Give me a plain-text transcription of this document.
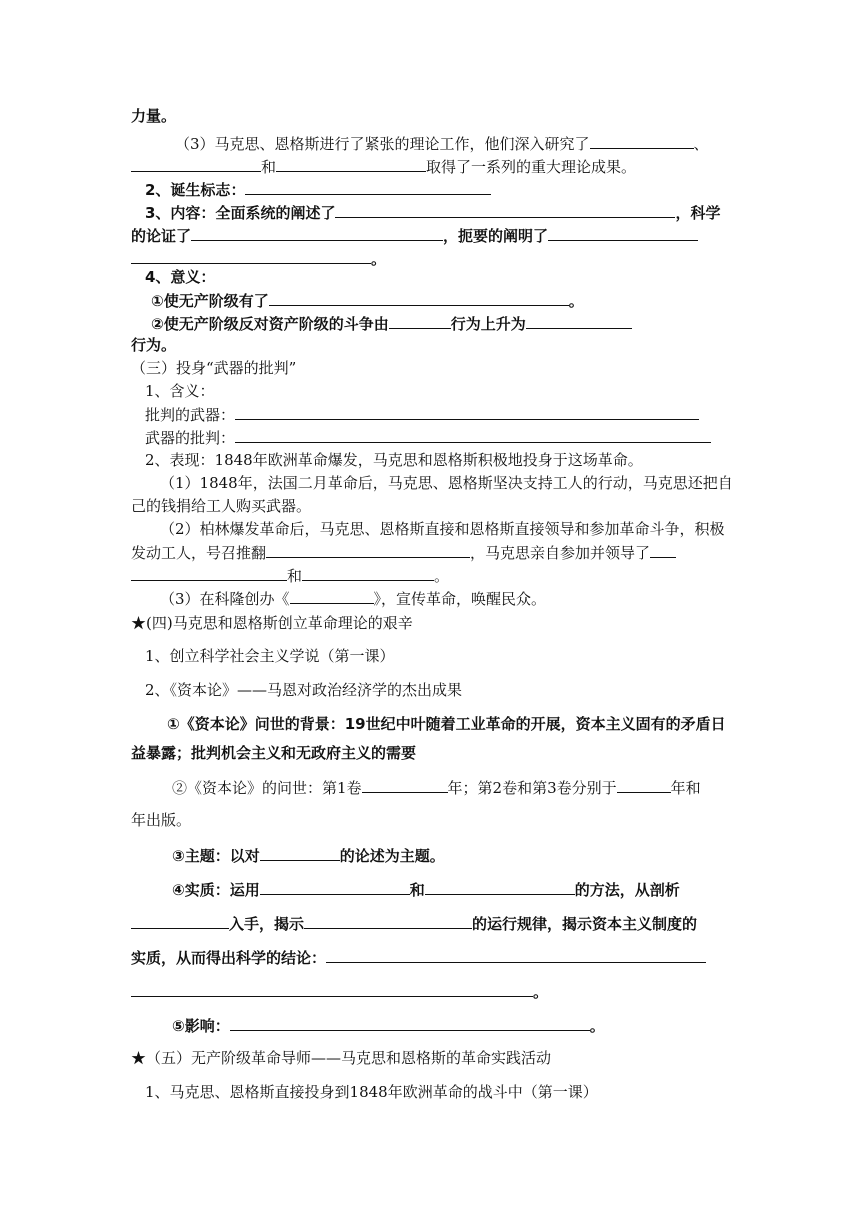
力量。
（3）马克思、恩格斯进行了紧张的理论工作，他们深入研究了	、
和	取得了一系列的重大理论成果。
2、诞生标志：
3、内容：全面系统的阐述了	，科学
的论证了	，扼要的阐明了
。
4、意义：
①使无产阶级有了	。
②使无产阶级反对资产阶级的斗争由	行为上升为
行为。
（三）投身“武器的批判”
1、含义：
批判的武器：
武器的批判：
2、表现：1848年欧洲革命爆发，马克思和恩格斯积极地投身于这场革命。
（1）1848年，法国二月革命后，马克思、恩格斯坚决支持工人的行动，马克思还把自
己的钱捐给工人购买武器。
（2）柏林爆发革命后，马克思、恩格斯直接和恩格斯直接领导和参加革命斗争，积极
发动工人，号召推翻	，马克思亲自参加并领导了
和	。
（3）在科隆创办《	》，宣传革命，唤醒民众。
★(四)马克思和恩格斯创立革命理论的艰辛
1、创立科学社会主义学说（第一课）
2、《资本论》——马恩对政治经济学的杰出成果
①《资本论》问世的背景：19世纪中叶随着工业革命的开展，资本主义固有的矛盾日
益暴露；批判机会主义和无政府主义的需要
②《资本论》的问世：第1卷	年；第2卷和第3卷分别于	年和
年出版。
③主题：以对	的论述为主题。
④实质：运用	和	的方法，从剖析
入手，揭示	的运行规律，揭示资本主义制度的
实质，从而得出科学的结论：
。
⑤影响：	。
★（五）无产阶级革命导师——马克思和恩格斯的革命实践活动
1、马克思、恩格斯直接投身到1848年欧洲革命的战斗中（第一课）
